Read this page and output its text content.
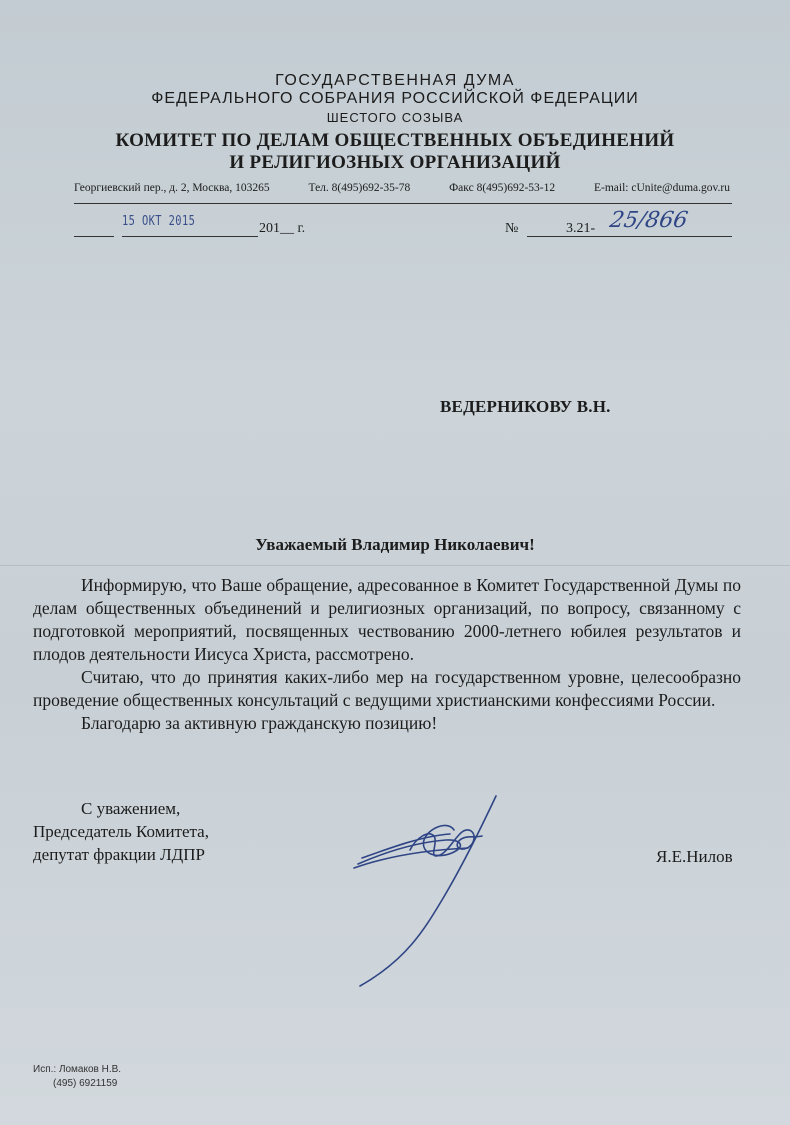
ГОСУДАРСТВЕННАЯ ДУМА
ФЕДЕРАЛЬНОГО СОБРАНИЯ РОССИЙСКОЙ ФЕДЕРАЦИИ
ШЕСТОГО СОЗЫВА
КОМИТЕТ ПО ДЕЛАМ ОБЩЕСТВЕННЫХ ОБЪЕДИНЕНИЙ
И РЕЛИГИОЗНЫХ ОРГАНИЗАЦИЙ
Георгиевский пер., д. 2, Москва, 103265	Тел. 8(495)692-35-78	Факс 8(495)692-53-12	E-mail: cUnite@duma.gov.ru
15 ОКТ 2015	201__ г.	№	3.21- 25/866
ВЕДЕРНИКОВУ В.Н.
Уважаемый Владимир Николаевич!

Информирую, что Ваше обращение, адресованное в Комитет Государственной Думы по делам общественных объединений и религиозных организаций, по вопросу, связанному с подготовкой мероприятий, посвященных чествованию 2000-летнего юбилея результатов и плодов деятельности Иисуса Христа, рассмотрено.

Считаю, что до принятия каких-либо мер на государственном уровне, целесообразно проведение общественных консультаций с ведущими христианскими конфессиями России.

Благодарю за активную гражданскую позицию!

С уважением,
Председатель Комитета,
депутат фракции ЛДПР	Я.Е.Нилов
Исп.: Ломаков Н.В.
(495) 6921159
